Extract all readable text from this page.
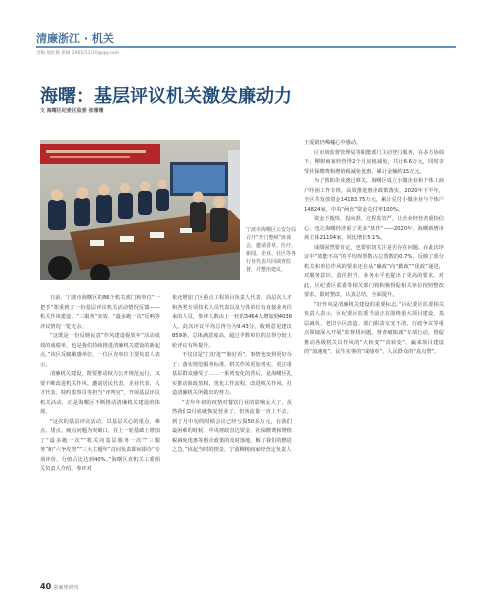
清廉浙江 · 机关
受稿 地址稿 新稿 2005/11/10@qq.com
海曙：基层评议机关激发廉动力
文 海曙区纪委区监委 张珊珊
宁波市海曙区公安分局召开“开门整顿”座谈会，邀请香草、医疗、新闻、企业、社区等各行业代表共同调查监督，并整治建议。

日前，宁波市海曙区的86个机关部门和单位“一把手”郑重到了一份基层评议机关活动情况反馈——机关作风建设、“三服务”实效、“最多跑一次”反响等评议情况一览无余。

“这既是一份反映民意”作风建设提效年”活动成效的成绩单，也是我们持续推进清廉机关建设的新起点。”该区反腐敏感单位，一位区直单位主要负责人表示。

清廉机关建设，既要推动权力公开规范运行，又要不断改进机关作风。邀请居民代表、企业代表、人才代表、特约监察员等担当“评判官”，开展基层评议机关活动，正是海曙区不断推动清廉机关建设的体现。

“这次的基层评议活动，以基层关心的重点、难点、堵点、痛点问题为突破口，在上一轮基础上增加了“最多跑一次”“机关向基层服务一次”“三服务”和“六争攻坚”“三大主题年”首问负责即问即办“专项评价，分值占比达到40%。”海曙区直机关工委相关负责人介绍，参评对

象还增加了区重点工程项目负责人代表、高层次人才和各类专项技术人员代表以及与各单位有直接业务往来的人员，参评人数由上一轮的3464人增加到4036人。此次评议平均总得分为9.43分，收到意见建议859条，总体满意度高，超过半数单位的总得分较上轮评议有所提升。

不仅仅是“门好进”“脸好看”，事情也变得更好办了；落实规范服务标准，机关作风更加务实，更注重基层群众感受了……一系列变化的背后，是海曙区扎实推动简政放权、优化工作流程，改进机关作风，打造清廉机关所做出的努力。

“去年年初的疫情对餐饮行业的影响太大了，虽然我们2月底就恢复营业了，但客流量一直上不去。到了月中旬的时候会议已经亏损50多万元，在我们最困难的时候，中央财政直达资金、社保缴费和增值税减免优惠等惠企政策的及时落地，解了我们的燃眉之急。”该起当时的情景，宁波柳树商家经营定负责人

王爱娟仍唏嘘心中感动。

区市场监督管理局等职能部门主动登门服务，在多方协调下，柳树商家经营得2个月房租减免，共计6.6万元，同时享受社保缴费和增值税减免优惠，累计金额约15万元。

为了帮助企业渡过难关，海曙区成立小微企业和个体工商户纾困工作专班，高效推进惠企政策落实。2020年下半年，全区共发放资金14183.75万元，累计兑付小微企业与个体户14824家，中央“两直”资金兑付率100%。

资金下拨快，投向准，过程监管严，让企业经营者重拾信心，也让海曙经济重了更多“伙伴”——2020年，海曙新增市场主体21104家，同比增长5.1%。

成绩固然要肯定，也要密切关注是否存在问题。在此次评议中“效能不高”的平均得票数占总票数的0.7%，反映了部分机关和单位作风的要求还在从“廉政”向“勤政”“优政”递进，对服务意识、责任担当、业务水平也提出了更高的要求。对此，区纪委区监委等相关部门将积极督促相关单位按照整改要求，限时整改，认真总结，全面提升。

“好作风是清廉机关建设的重要标志。”区纪委区监委相关负责人表示，区纪委区监委当前正在围绕重大项目建设、基层减负、老旧小区改造、部门职责交叉不清、行政争议等重点领域深入开展“监督找问题、督查破瓶颈”专项行动，督促推动各级机关以作风的“大转变”“真转变”，赢来项目建设的“加速度”、民生实事的“成绩单”、人民群众的“真点赞”。

40 浙廉理研刊
